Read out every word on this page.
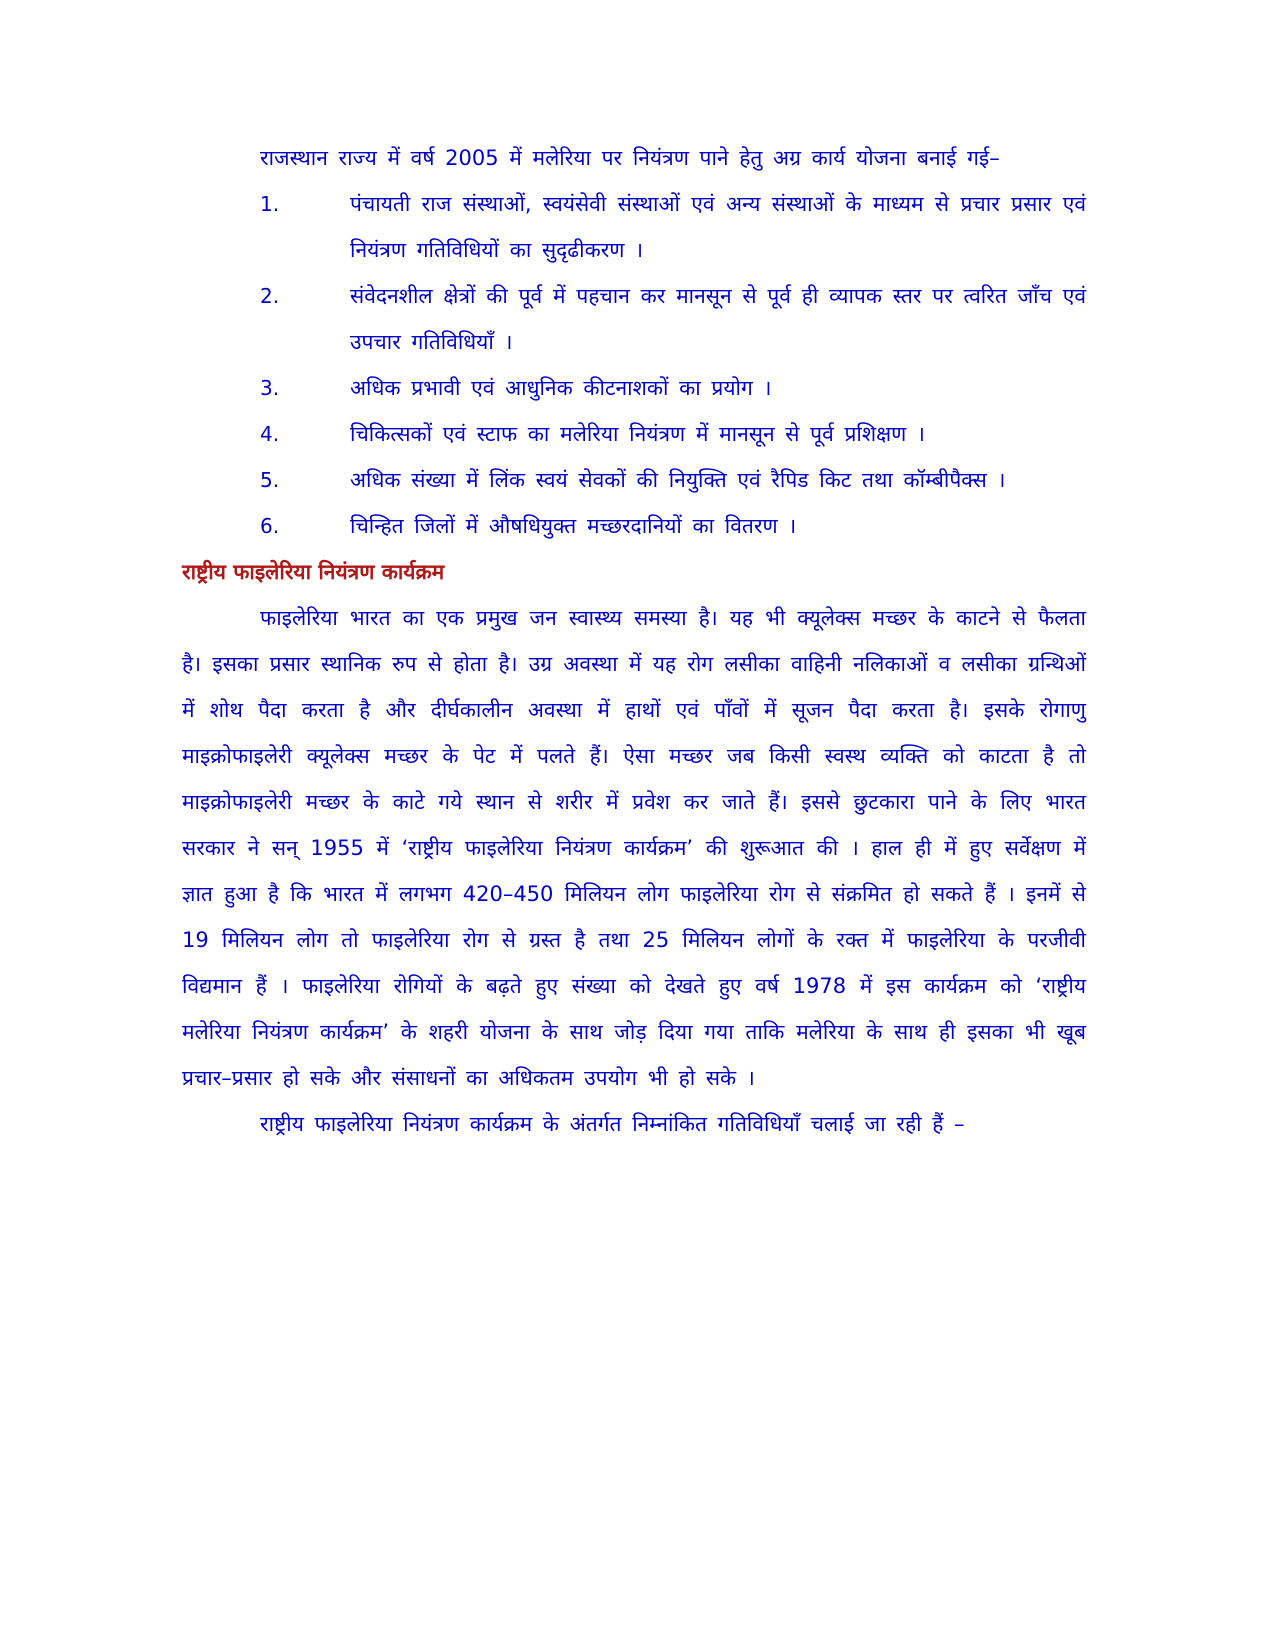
राजस्थान राज्य में वर्ष 2005 में मलेरिया पर नियंत्रण पाने हेतु अग्र कार्य योजना बनाई गई–

1.	पंचायती राज संस्थाओं, स्वयंसेवी संस्थाओं एवं अन्य संस्थाओं के माध्यम से प्रचार प्रसार एवं नियंत्रण गतिविधियों का सुदृढीकरण ।
2.	संवेदनशील क्षेत्रों की पूर्व में पहचान कर मानसून से पूर्व ही व्यापक स्तर पर त्वरित जाँच एवं उपचार गतिविधियाँ ।
3.	अधिक प्रभावी एवं आधुनिक कीटनाशकों का प्रयोग ।
4.	चिकित्सकों एवं स्टाफ का मलेरिया नियंत्रण में मानसून से पूर्व प्रशिक्षण ।
5.	अधिक संख्या में लिंक स्वयं सेवकों की नियुक्ति एवं रैपिड किट तथा कॉम्बीपैक्स ।
6.	चिन्हित जिलों में औषधियुक्त मच्छरदानियों का वितरण ।
राष्ट्रीय फाइलेरिया नियंत्रण कार्यक्रम

फाइलेरिया भारत का एक प्रमुख जन स्वास्थ्य समस्या है। यह भी क्यूलेक्स मच्छर के काटने से फैलता है। इसका प्रसार स्थानिक रुप से होता है। उग्र अवस्था में यह रोग लसीका वाहिनी नलिकाओं व लसीका ग्रन्थिओं में शोथ पैदा करता है और दीर्घकालीन अवस्था में हाथों एवं पाँवों में सूजन पैदा करता है। इसके रोगाणु माइक्रोफाइलेरी क्यूलेक्स मच्छर के पेट में पलते हैं। ऐसा मच्छर जब किसी स्वस्थ व्यक्ति को काटता है तो माइक्रोफाइलेरी मच्छर के काटे गये स्थान से शरीर में प्रवेश कर जाते हैं। इससे छुटकारा पाने के लिए भारत सरकार ने सन् 1955 में ‘राष्ट्रीय फाइलेरिया नियंत्रण कार्यक्रम’ की शुरूआत की । हाल ही में हुए सर्वेक्षण में ज्ञात हुआ है कि भारत में लगभग 420–450 मिलियन लोग फाइलेरिया रोग से संक्रमित हो सकते हैं । इनमें से 19 मिलियन लोग तो फाइलेरिया रोग से ग्रस्त है तथा 25 मिलियन लोगों के रक्त में फाइलेरिया के परजीवी विद्यमान हैं । फाइलेरिया रोगियों के बढ़ते हुए संख्या को देखते हुए वर्ष 1978 में इस कार्यक्रम को ‘राष्ट्रीय मलेरिया नियंत्रण कार्यक्रम’ के शहरी योजना के साथ जोड़ दिया गया ताकि मलेरिया के साथ ही इसका भी खूब प्रचार–प्रसार हो सके और संसाधनों का अधिकतम उपयोग भी हो सके ।

राष्ट्रीय फाइलेरिया नियंत्रण कार्यक्रम के अंतर्गत निम्नांकित गतिविधियाँ चलाई जा रही हैं –
